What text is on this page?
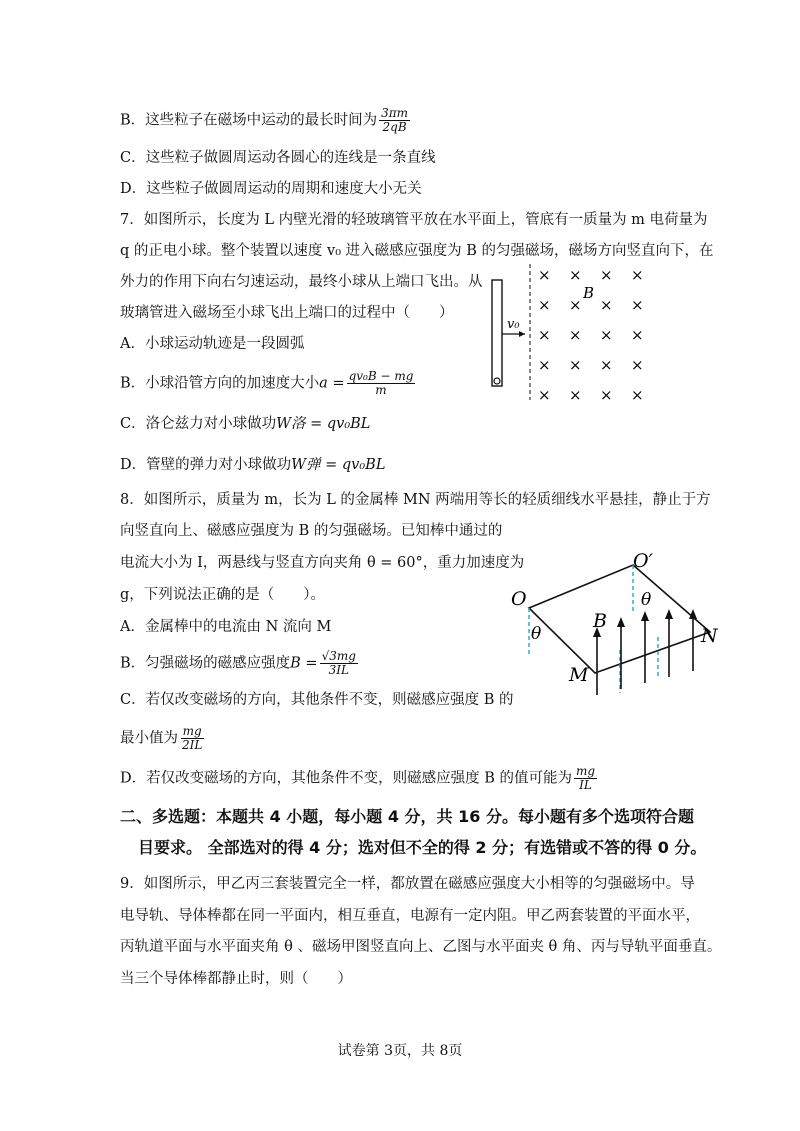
B．这些粒子在磁场中运动的最长时间为 $\frac{3\pi m}{2qB}$
C．这些粒子做圆周运动各圆心的连线是一条直线
D．这些粒子做圆周运动的周期和速度大小无关
7．如图所示，长度为 L 内壁光滑的轻玻璃管平放在水平面上，管底有一质量为 m 电荷量为
q 的正电小球。整个装置以速度 v₀ 进入磁感应强度为 B 的匀强磁场，磁场方向竖直向下，在
外力的作用下向右匀速运动，最终小球从上端口飞出。从
玻璃管进入磁场至小球飞出上端口的过程中（　　）
A．小球运动轨迹是一段圆弧
B．小球沿管方向的加速度大小$a = \frac{\text{qv₀B − mg}}{m}$
C．洛仑兹力对小球做功W洛 = qv₀BL
D．管壁的弹力对小球做功W弹 = qv₀BL
v₀
× × × ×
× × × ×
× × × ×
× × × ×
× × × ×
B
8．如图所示，质量为 m，长为 L 的金属棒 MN 两端用等长的轻质细线水平悬挂，静止于方
向竖直向上、磁感应强度为 B 的匀强磁场。已知棒中通过的
电流大小为 I，两悬线与竖直方向夹角 θ = 60°，重力加速度为
g，下列说法正确的是（　　）。
A．金属棒中的电流由 N 流向 M
B．匀强磁场的磁感应强度$B = \frac{√3mg}{3IL}$
C．若仅改变磁场的方向，其他条件不变，则磁感应强度 B 的
最小值为 $\frac{mg}{2IL}$
D．若仅改变磁场的方向，其他条件不变，则磁感应强度 B 的值可能为 $\frac{mg}{IL}$
O
O′
θ
θ
B
M
N
二、多选题：本题共 4 小题，每小题 4 分，共 16 分。每小题有多个选项符合题
目要求。 全部选对的得 4 分；选对但不全的得 2 分；有选错或不答的得 0 分。
9．如图所示，甲乙丙三套装置完全一样，都放置在磁感应强度大小相等的匀强磁场中。导
电导轨、导体棒都在同一平面内，相互垂直，电源有一定内阻。甲乙两套装置的平面水平，
丙轨道平面与水平面夹角 θ 、磁场甲图竖直向上、乙图与水平面夹 θ 角、丙与导轨平面垂直。
当三个导体棒都静止时，则（　　）
试卷第 3页，共 8页
